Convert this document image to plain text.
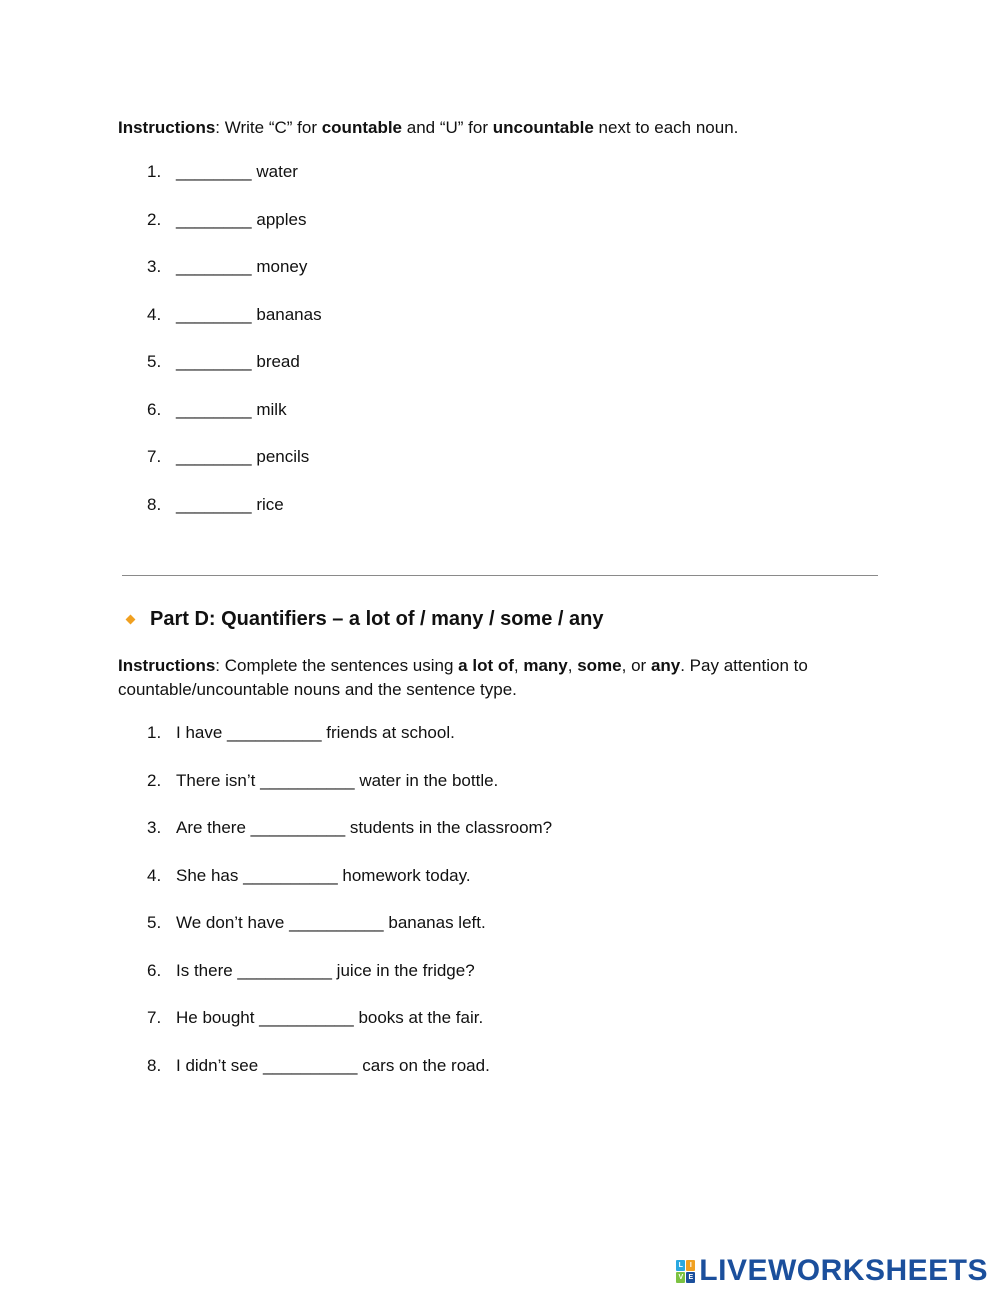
Instructions: Write “C” for countable and “U” for uncountable next to each noun.

1. ________ water
2. ________ apples
3. ________ money
4. ________ bananas
5. ________ bread
6. ________ milk
7. ________ pencils
8. ________ rice
Part D: Quantifiers – a lot of / many / some / any

Instructions: Complete the sentences using a lot of, many, some, or any. Pay attention to countable/uncountable nouns and the sentence type.

1. I have __________ friends at school.
2. There isn’t __________ water in the bottle.
3. Are there __________ students in the classroom?
4. She has __________ homework today.
5. We don’t have __________ bananas left.
6. Is there __________ juice in the fridge?
7. He bought __________ books at the fair.
8. I didn’t see __________ cars on the road.
L I
V E LIVEWORKSHEETS
